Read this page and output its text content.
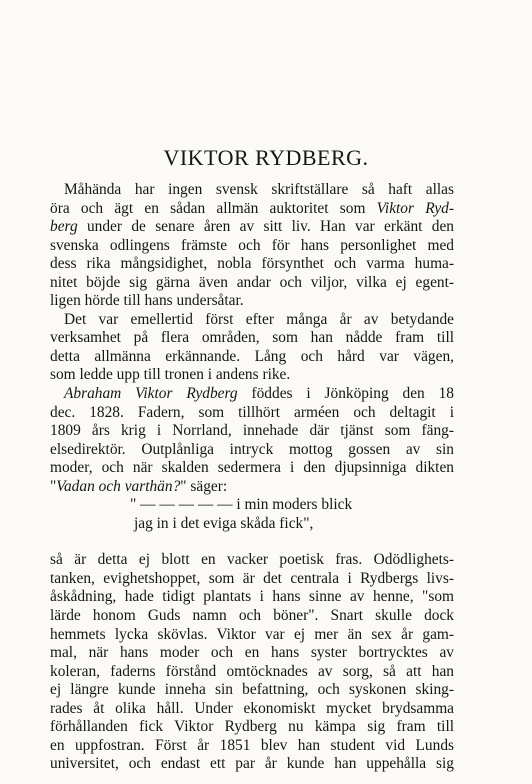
VIKTOR RYDBERG.
Måhända har ingen svensk skriftställare så haft allas
öra och ägt en sådan allmän auktoritet som Viktor Ryd-
berg under de senare åren av sitt liv. Han var erkänt den
svenska odlingens främste och för hans personlighet med
dess rika mångsidighet, nobla försynthet och varma huma-
nitet böjde sig gärna även andar och viljor, vilka ej egent-
ligen hörde till hans undersåtar.
Det var emellertid först efter många år av betydande
verksamhet på flera områden, som han nådde fram till
detta allmänna erkännande. Lång och hård var vägen,
som ledde upp till tronen i andens rike.
Abraham Viktor Rydberg föddes i Jönköping den 18
dec. 1828. Fadern, som tillhört arméen och deltagit i
1809 års krig i Norrland, innehade där tjänst som fäng-
elsedirektör. Outplånliga intryck mottog gossen av sin
moder, och när skalden sedermera i den djupsinniga dikten
"Vadan och varthän?" säger:
" — — — — — i min moders blick
jag in i det eviga skåda fick",
så är detta ej blott en vacker poetisk fras. Odödlighets-
tanken, evighetshoppet, som är det centrala i Rydbergs livs-
åskådning, hade tidigt plantats i hans sinne av henne, "som
lärde honom Guds namn och böner". Snart skulle dock
hemmets lycka skövlas. Viktor var ej mer än sex år gam-
mal, när hans moder och en hans syster bortrycktes av
koleran, faderns förstånd omtöcknades av sorg, så att han
ej längre kunde inneha sin befattning, och syskonen sking-
rades åt olika håll. Under ekonomiskt mycket brydsamma
förhållanden fick Viktor Rydberg nu kämpa sig fram till
en uppfostran. Först år 1851 blev han student vid Lunds
universitet, och endast ett par år kunde han uppehålla sig
